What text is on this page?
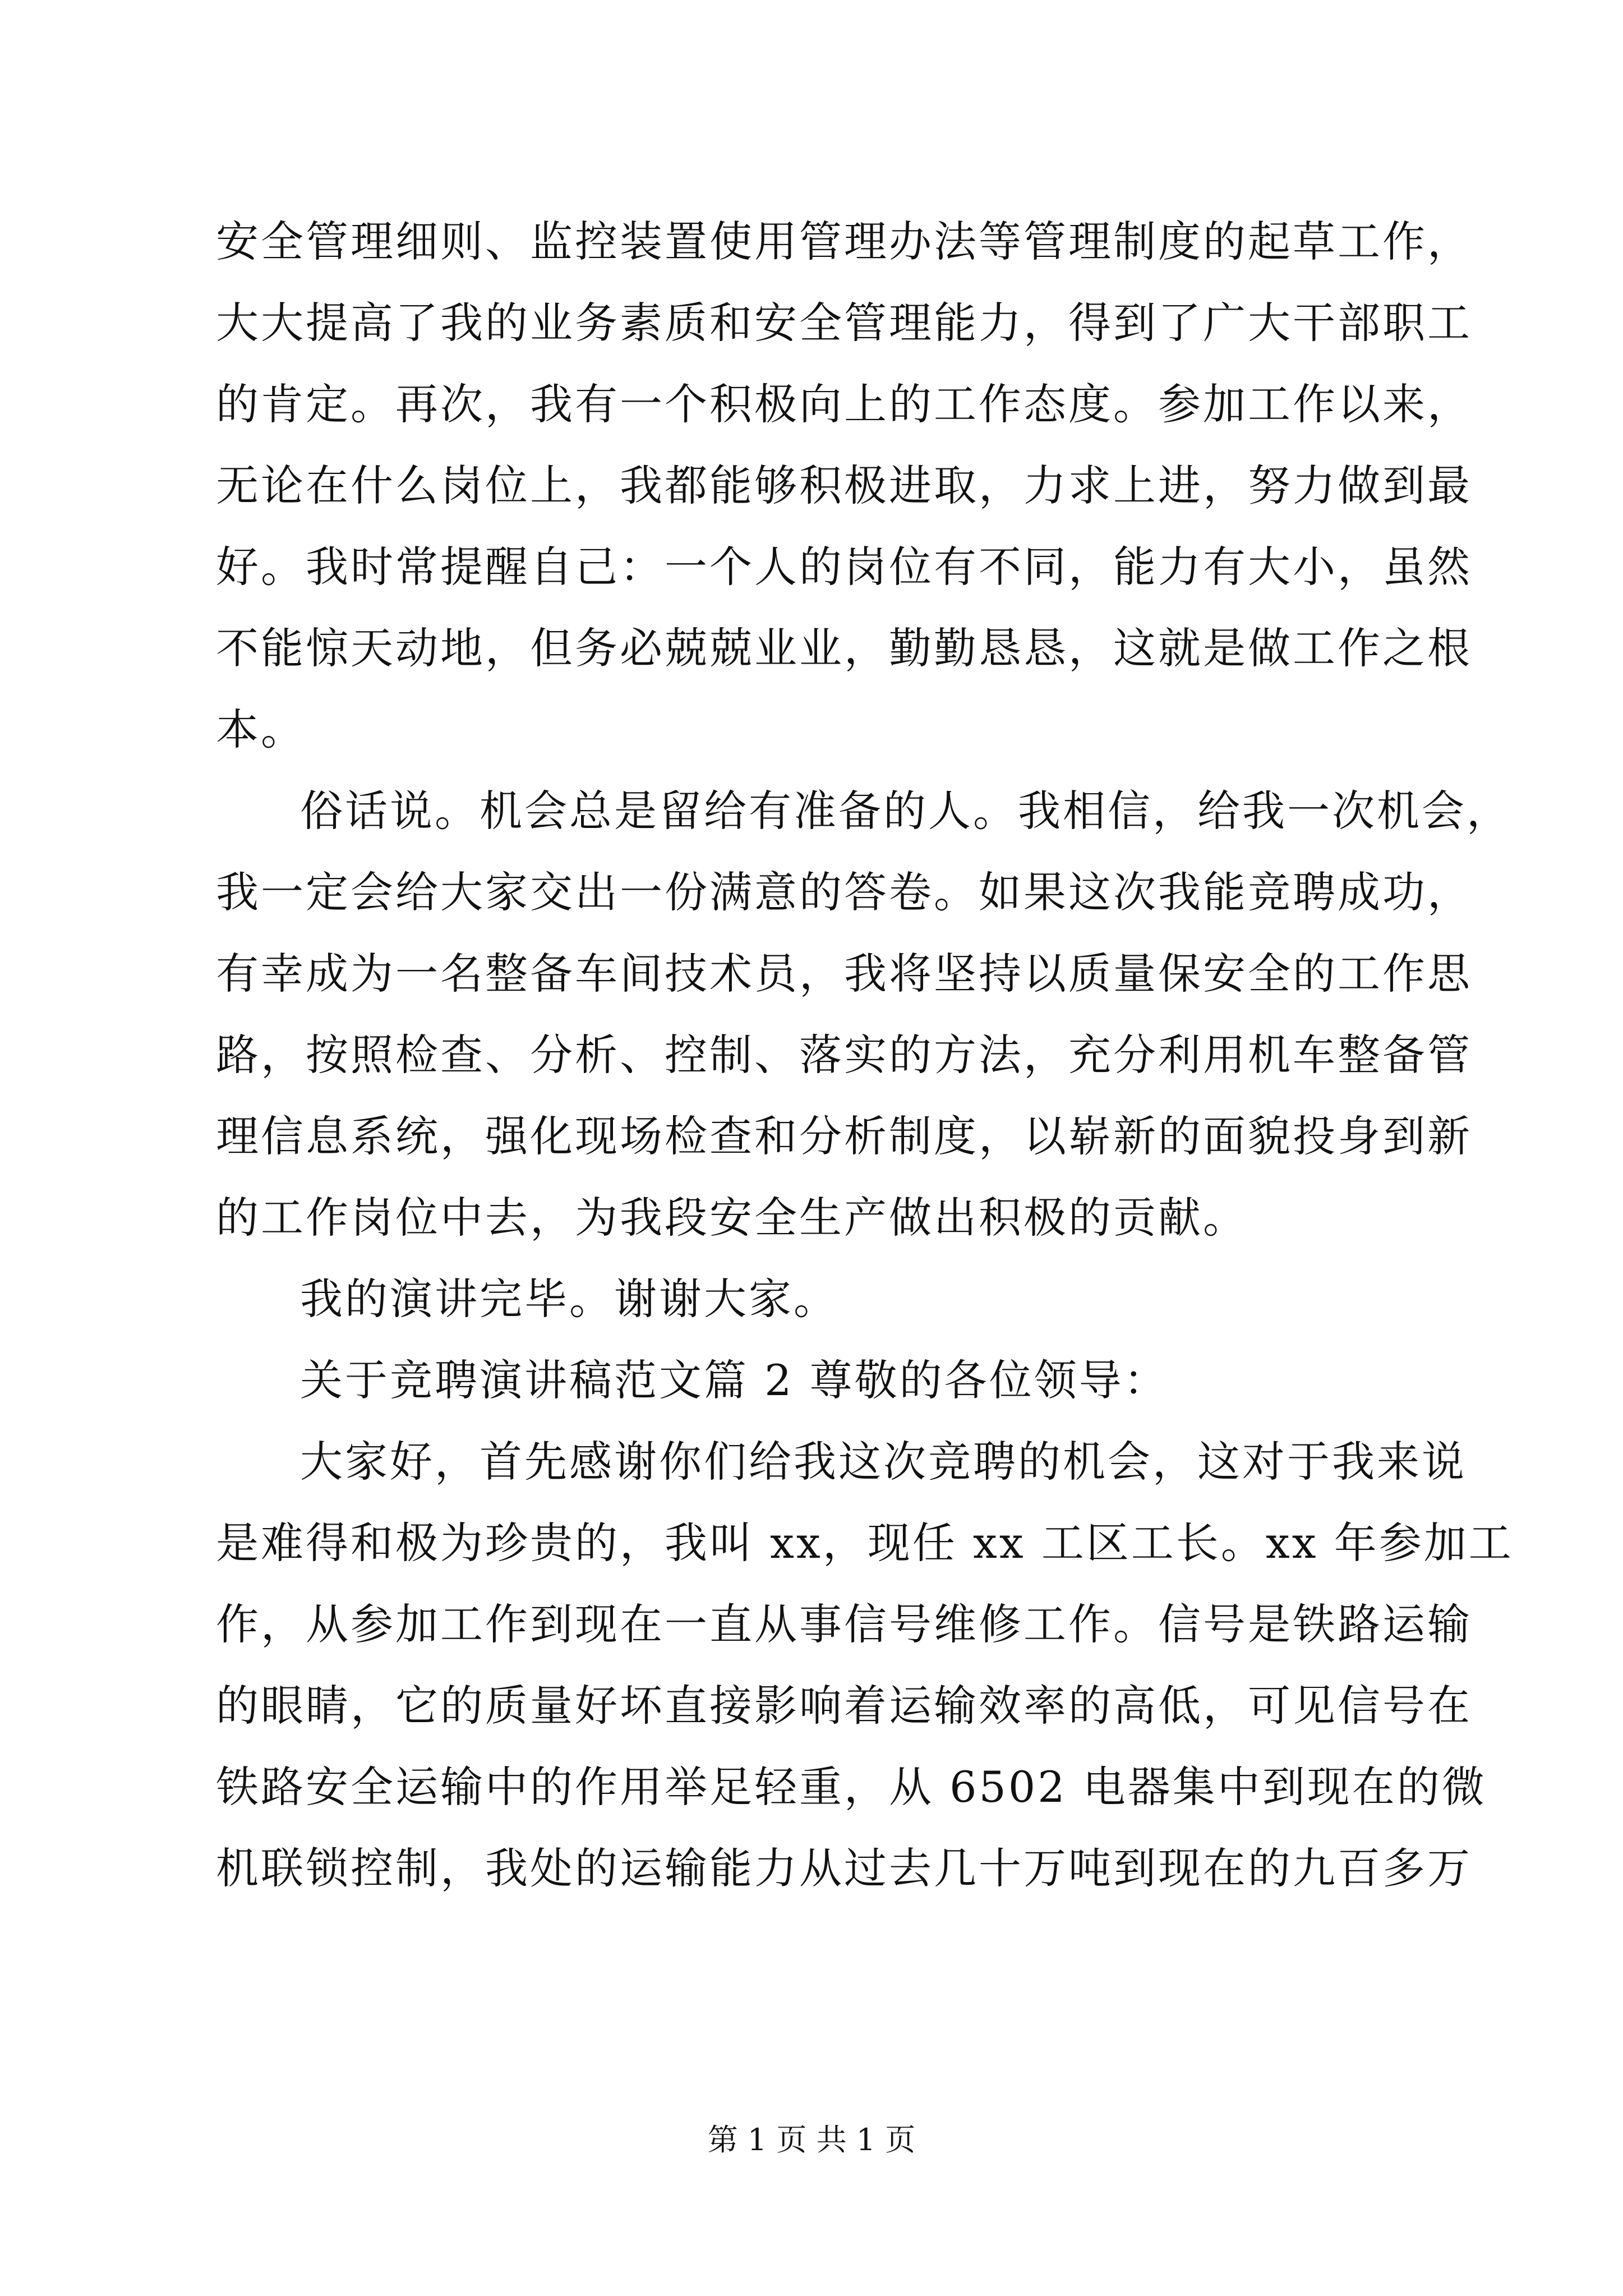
安全管理细则、监控装置使用管理办法等管理制度的起草工作，
大大提高了我的业务素质和安全管理能力，得到了广大干部职工
的肯定。再次，我有一个积极向上的工作态度。参加工作以来，
无论在什么岗位上，我都能够积极进取，力求上进，努力做到最
好。我时常提醒自己：一个人的岗位有不同，能力有大小，虽然
不能惊天动地，但务必兢兢业业，勤勤恳恳，这就是做工作之根
本。
俗话说。机会总是留给有准备的人。我相信，给我一次机会，
我一定会给大家交出一份满意的答卷。如果这次我能竞聘成功，
有幸成为一名整备车间技术员，我将坚持以质量保安全的工作思
路，按照检查、分析、控制、落实的方法，充分利用机车整备管
理信息系统，强化现场检查和分析制度，以崭新的面貌投身到新
的工作岗位中去，为我段安全生产做出积极的贡献。
我的演讲完毕。谢谢大家。
关于竞聘演讲稿范文篇 2 尊敬的各位领导：
大家好，首先感谢你们给我这次竞聘的机会，这对于我来说
是难得和极为珍贵的，我叫 xx，现任 xx 工区工长。xx 年参加工
作，从参加工作到现在一直从事信号维修工作。信号是铁路运输
的眼睛，它的质量好坏直接影响着运输效率的高低，可见信号在
铁路安全运输中的作用举足轻重，从 6502 电器集中到现在的微
机联锁控制，我处的运输能力从过去几十万吨到现在的九百多万
第 1 页 共 1 页
